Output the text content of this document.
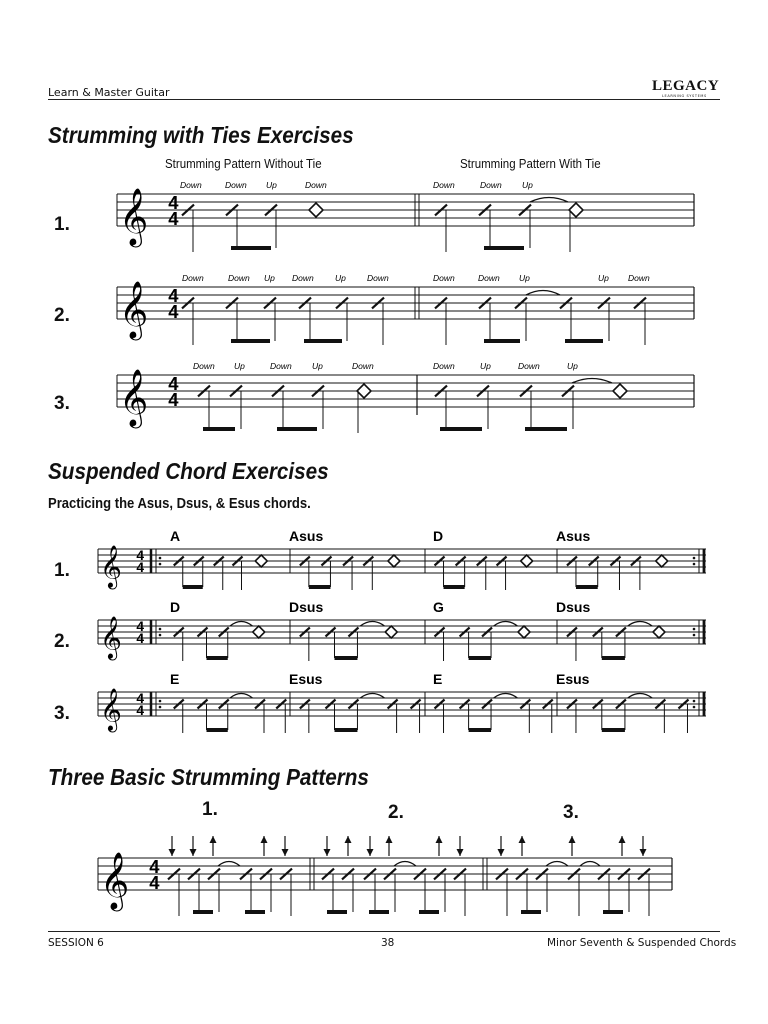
Learn & Master Guitar	LEGACY
LEARNING SYSTEMS
Strumming with Ties Exercises
Strumming Pattern Without Tie	Strumming Pattern With Tie
1.
2.
3.
Suspended Chord Exercises
Practicing the Asus, Dsus, & Esus chords.
1.
2.
3.
Three Basic Strumming Patterns
1.	2.	3.
𝄞 4
4
Down	Down Up	Down	Down	Down Up
𝄞 4
4
Down	Down Up Down	Up Down	Down	Down Up	Up Down
𝄞 4
4
Down Up	Down Up	Down	Down	Up	Down	Up
𝄞 4
4
A	Asus	D	Asus
𝄞 4
4
D	Dsus	G	Dsus
𝄞 4
4
E	Esus	E	Esus
𝄞 4
4
SESSION 6	38	Minor Seventh & Suspended Chords
